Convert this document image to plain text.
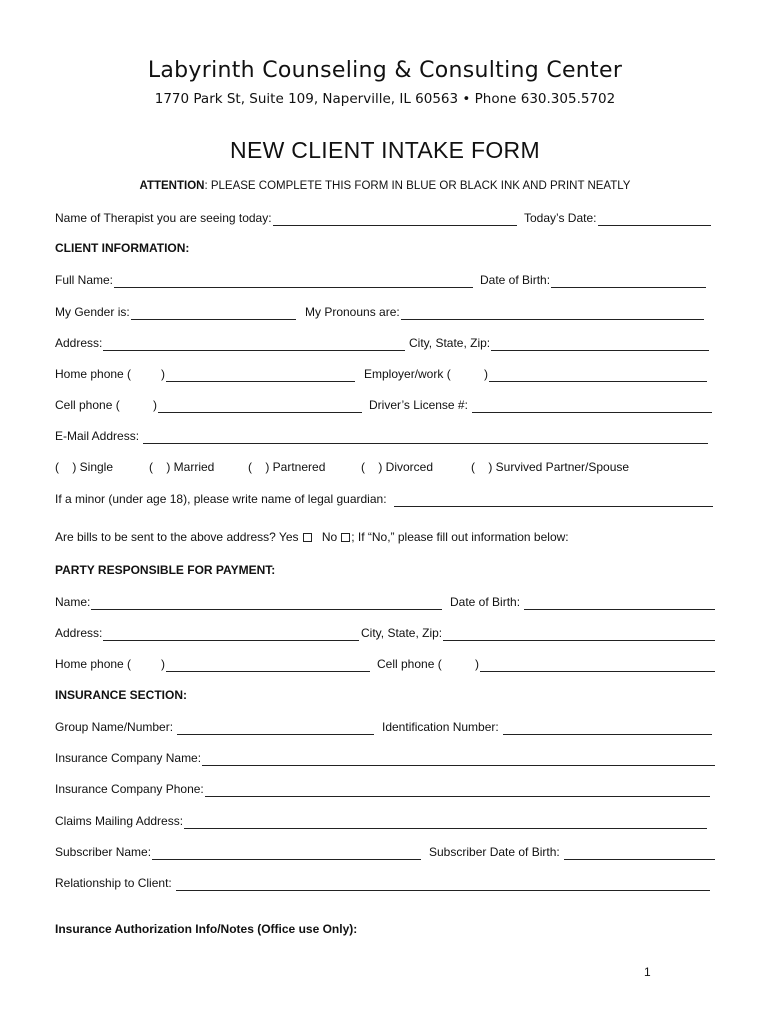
Labyrinth Counseling & Consulting Center
1770 Park St, Suite 109, Naperville, IL 60563 • Phone 630.305.5702
NEW CLIENT INTAKE FORM
ATTENTION: PLEASE COMPLETE THIS FORM IN BLUE OR BLACK INK AND PRINT NEATLY
Name of Therapist you are seeing today:	Today’s Date:
CLIENT INFORMATION:
Full Name:	Date of Birth:
My Gender is:	My Pronouns are:
Address:	City, State, Zip:
Home phone (         )	Employer/work (          )
Cell phone (          )	Driver’s License #:
E-Mail Address:
(    ) Single	(    ) Married	(    ) Partnered	(    ) Divorced	(    ) Survived Partner/Spouse
If a minor (under age 18), please write name of legal guardian:
Are bills to be sent to the above address? Yes No ; If “No,” please fill out information below:
PARTY RESPONSIBLE FOR PAYMENT:
Name:	Date of Birth:
Address:	City, State, Zip:
Home phone (         )	Cell phone (          )
INSURANCE SECTION:
Group Name/Number:	Identification Number:
Insurance Company Name:
Insurance Company Phone:
Claims Mailing Address:
Subscriber Name:	Subscriber Date of Birth:
Relationship to Client:
Insurance Authorization Info/Notes (Office use Only):
1
